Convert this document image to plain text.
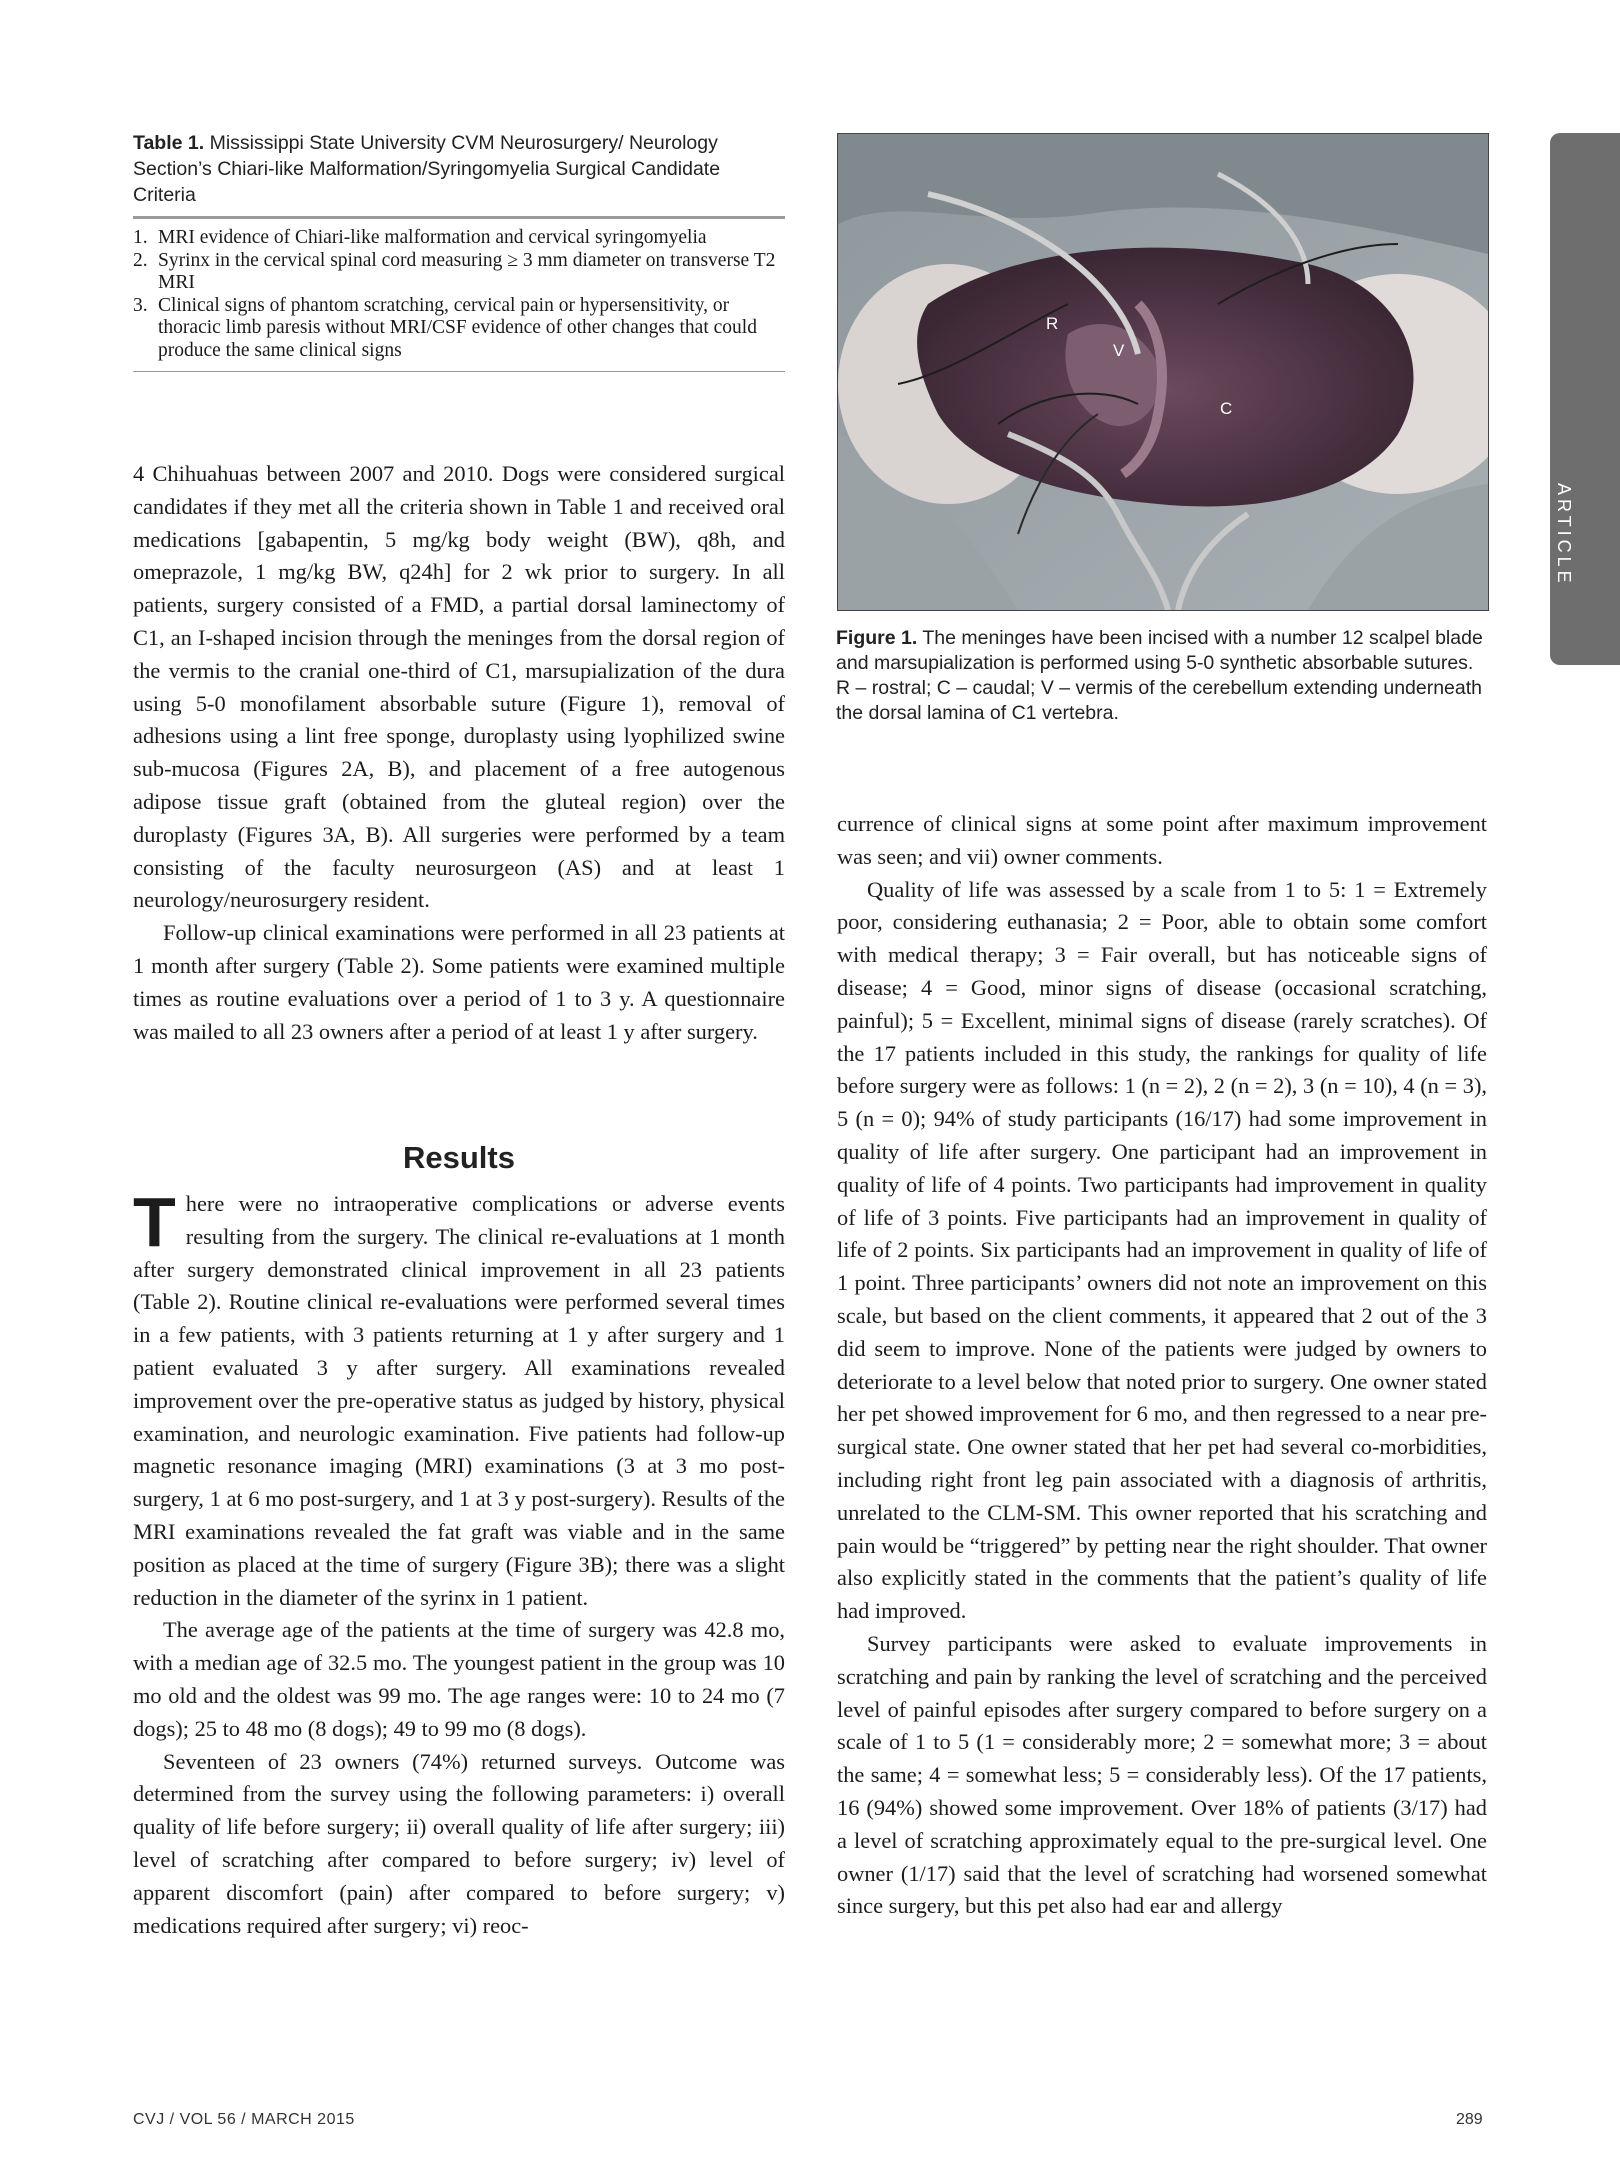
Table 1. Mississippi State University CVM Neurosurgery/ Neurology Section’s Chiari-like Malformation/Syringomyelia Surgical Candidate Criteria
1. MRI evidence of Chiari-like malformation and cervical syringomyelia
2. Syrinx in the cervical spinal cord measuring ≥ 3 mm diameter on transverse T2 MRI
3. Clinical signs of phantom scratching, cervical pain or hypersensitivity, or thoracic limb paresis without MRI/CSF evidence of other changes that could produce the same clinical signs
R
V
C
Figure 1. The meninges have been incised with a number 12 scalpel blade and marsupialization is performed using 5-0 synthetic absorbable sutures. R – rostral; C – caudal; V – vermis of the cerebellum extending underneath the dorsal lamina of C1 vertebra.
ARTICLE

4 Chihuahuas between 2007 and 2010. Dogs were considered surgical candidates if they met all the criteria shown in Table 1 and received oral medications [gabapentin, 5 mg/kg body weight (BW), q8h, and omeprazole, 1 mg/kg BW, q24h] for 2 wk prior to surgery. In all patients, surgery consisted of a FMD, a partial dorsal laminectomy of C1, an I-shaped incision through the meninges from the dorsal region of the vermis to the cranial one-third of C1, marsupialization of the dura using 5-0 monofilament absorbable suture (Figure 1), removal of adhesions using a lint free sponge, duroplasty using lyophilized swine sub-mucosa (Figures 2A, B), and placement of a free autogenous adipose tissue graft (obtained from the gluteal region) over the duroplasty (Figures 3A, B). All surgeries were performed by a team consisting of the faculty neurosurgeon (AS) and at least 1 neurology/neurosurgery resident.

Follow-up clinical examinations were performed in all 23 patients at 1 month after surgery (Table 2). Some patients were examined multiple times as routine evaluations over a period of 1 to 3 y. A questionnaire was mailed to all 23 owners after a period of at least 1 y after surgery.

Results

There were no intraoperative complications or adverse events resulting from the surgery. The clinical re-evaluations at 1 month after surgery demonstrated clinical improvement in all 23 patients (Table 2). Routine clinical re-evaluations were performed several times in a few patients, with 3 patients returning at 1 y after surgery and 1 patient evaluated 3 y after surgery. All examinations revealed improvement over the pre-operative status as judged by history, physical examination, and neurologic examination. Five patients had follow-up magnetic resonance imaging (MRI) examinations (3 at 3 mo post-surgery, 1 at 6 mo post-surgery, and 1 at 3 y post-surgery). Results of the MRI examinations revealed the fat graft was viable and in the same position as placed at the time of surgery (Figure 3B); there was a slight reduction in the diameter of the syrinx in 1 patient.

The average age of the patients at the time of surgery was 42.8 mo, with a median age of 32.5 mo. The youngest patient in the group was 10 mo old and the oldest was 99 mo. The age ranges were: 10 to 24 mo (7 dogs); 25 to 48 mo (8 dogs); 49 to 99 mo (8 dogs).

Seventeen of 23 owners (74%) returned surveys. Outcome was determined from the survey using the following parameters: i) overall quality of life before surgery; ii) overall quality of life after surgery; iii) level of scratching after compared to before surgery; iv) level of apparent discomfort (pain) after compared to before surgery; v) medications required after surgery; vi) reoc-

currence of clinical signs at some point after maximum improvement was seen; and vii) owner comments.

Quality of life was assessed by a scale from 1 to 5: 1 = Extremely poor, considering euthanasia; 2 = Poor, able to obtain some comfort with medical therapy; 3 = Fair overall, but has noticeable signs of disease; 4 = Good, minor signs of disease (occasional scratching, painful); 5 = Excellent, minimal signs of disease (rarely scratches). Of the 17 patients included in this study, the rankings for quality of life before surgery were as follows: 1 (n = 2), 2 (n = 2), 3 (n = 10), 4 (n = 3), 5 (n = 0); 94% of study participants (16/17) had some improvement in quality of life after surgery. One participant had an improvement in quality of life of 4 points. Two participants had improvement in quality of life of 3 points. Five participants had an improvement in quality of life of 2 points. Six participants had an improvement in quality of life of 1 point. Three participants’ owners did not note an improvement on this scale, but based on the client comments, it appeared that 2 out of the 3 did seem to improve. None of the patients were judged by owners to deteriorate to a level below that noted prior to surgery. One owner stated her pet showed improvement for 6 mo, and then regressed to a near pre-surgical state. One owner stated that her pet had several co-morbidities, including right front leg pain associated with a diagnosis of arthritis, unrelated to the CLM-SM. This owner reported that his scratching and pain would be “triggered” by petting near the right shoulder. That owner also explicitly stated in the comments that the patient’s quality of life had improved.

Survey participants were asked to evaluate improvements in scratching and pain by ranking the level of scratching and the perceived level of painful episodes after surgery compared to before surgery on a scale of 1 to 5 (1 = considerably more; 2 = somewhat more; 3 = about the same; 4 = somewhat less; 5 = considerably less). Of the 17 patients, 16 (94%) showed some improvement. Over 18% of patients (3/17) had a level of scratching approximately equal to the pre-surgical level. One owner (1/17) said that the level of scratching had worsened somewhat since surgery, but this pet also had ear and allergy

CVJ / VOL 56 / MARCH 2015	289
